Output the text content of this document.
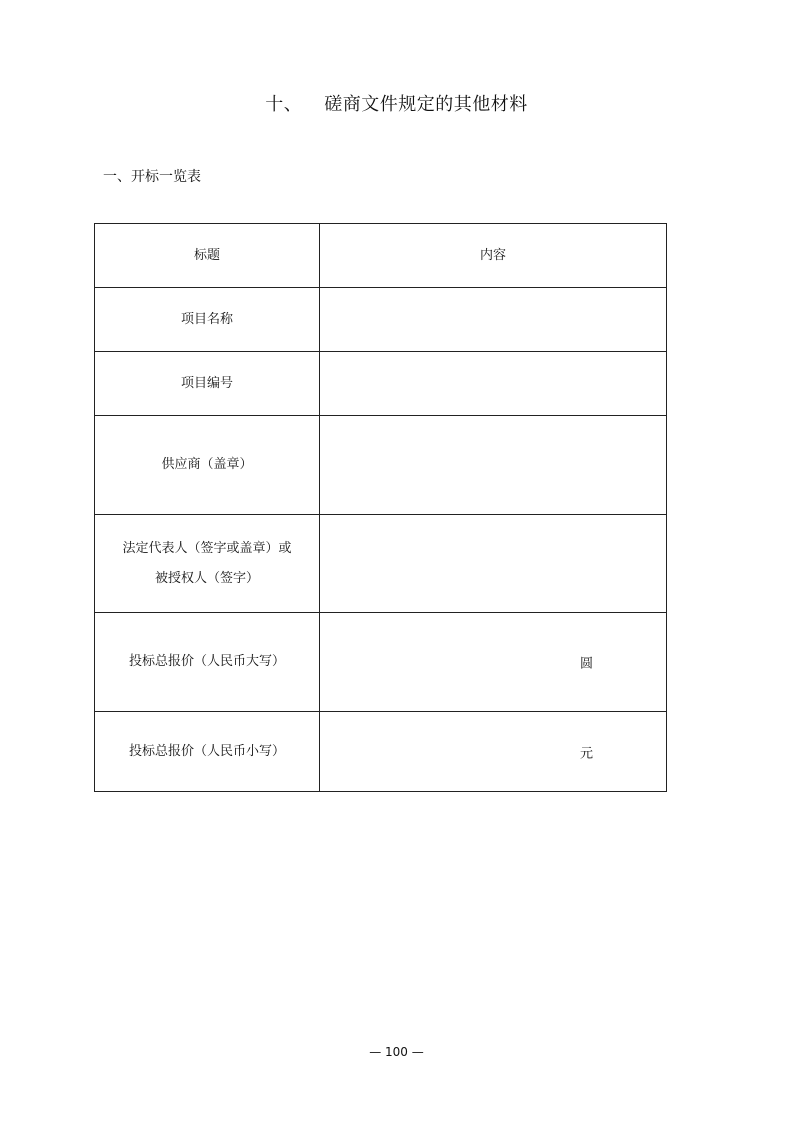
十、 磋商文件规定的其他材料
一、开标一览表
标题	内容
项目名称	
项目编号	
供应商（盖章）	

法定代表人（签字或盖章）或
被授权人（签字）	

投标总报价（人民币大写）	圆

投标总报价（人民币小写）	元
— 100 —
